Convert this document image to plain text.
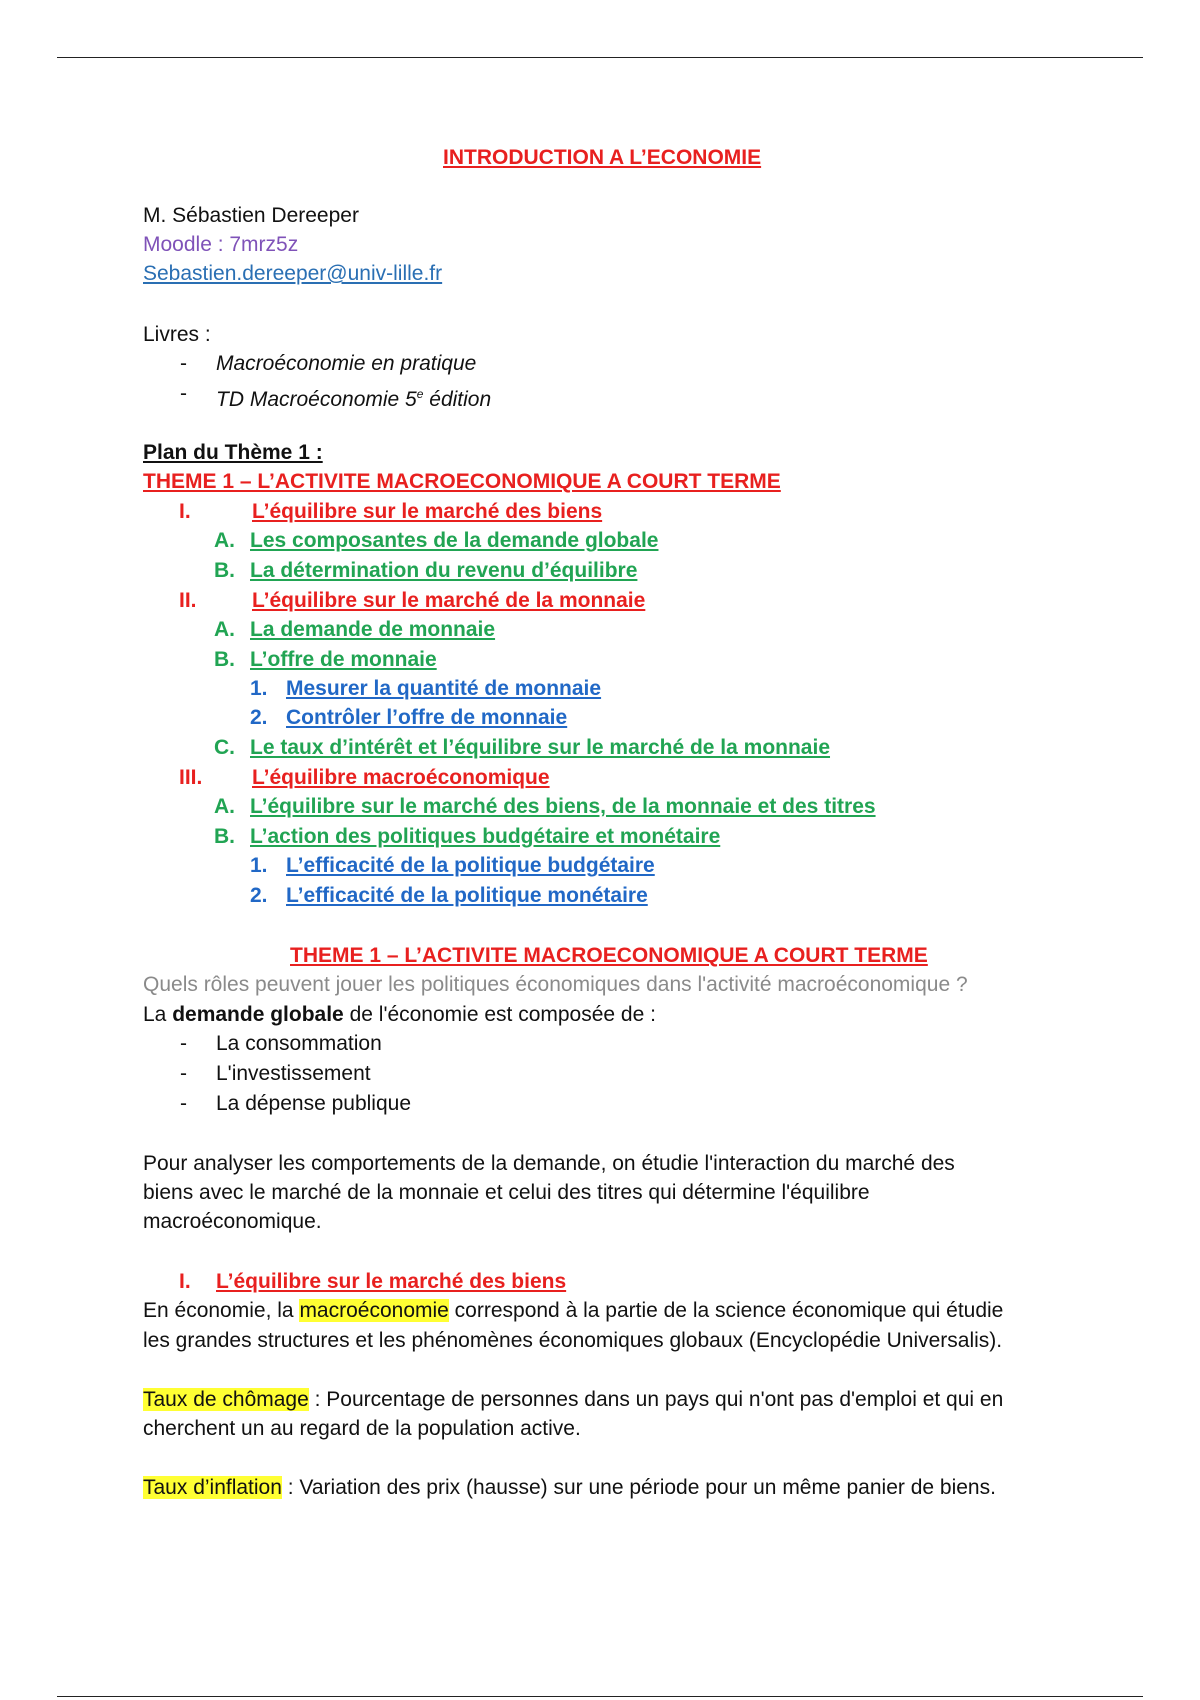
INTRODUCTION A L’ECONOMIE
M. Sébastien Dereeper
Moodle : 7mrz5z
Sebastien.dereeper@univ-lille.fr
Livres :
- Macroéconomie en pratique
- TD Macroéconomie 5e édition
Plan du Thème 1 :
THEME 1 – L’ACTIVITE MACROECONOMIQUE A COURT TERME
I.	L’équilibre sur le marché des biens
A. Les composantes de la demande globale
B. La détermination du revenu d’équilibre
II.	L’équilibre sur le marché de la monnaie
A. La demande de monnaie
B. L’offre de monnaie
1. Mesurer la quantité de monnaie
2. Contrôler l’offre de monnaie
C. Le taux d’intérêt et l’équilibre sur le marché de la monnaie
III. L’équilibre macroéconomique
A. L’équilibre sur le marché des biens, de la monnaie et des titres
B. L’action des politiques budgétaire et monétaire
1. L’efficacité de la politique budgétaire
2. L’efficacité de la politique monétaire
THEME 1 – L’ACTIVITE MACROECONOMIQUE A COURT TERME
Quels rôles peuvent jouer les politiques économiques dans l'activité macroéconomique ?
La demande globale de l'économie est composée de :
- La consommation
- L'investissement
- La dépense publique
Pour analyser les comportements de la demande, on étudie l'interaction du marché des
biens avec le marché de la monnaie et celui des titres qui détermine l'équilibre
macroéconomique.
I. L’équilibre sur le marché des biens
En économie, la macroéconomie correspond à la partie de la science économique qui étudie
les grandes structures et les phénomènes économiques globaux (Encyclopédie Universalis).
Taux de chômage : Pourcentage de personnes dans un pays qui n'ont pas d'emploi et qui en
cherchent un au regard de la population active.
Taux d’inflation : Variation des prix (hausse) sur une période pour un même panier de biens.
